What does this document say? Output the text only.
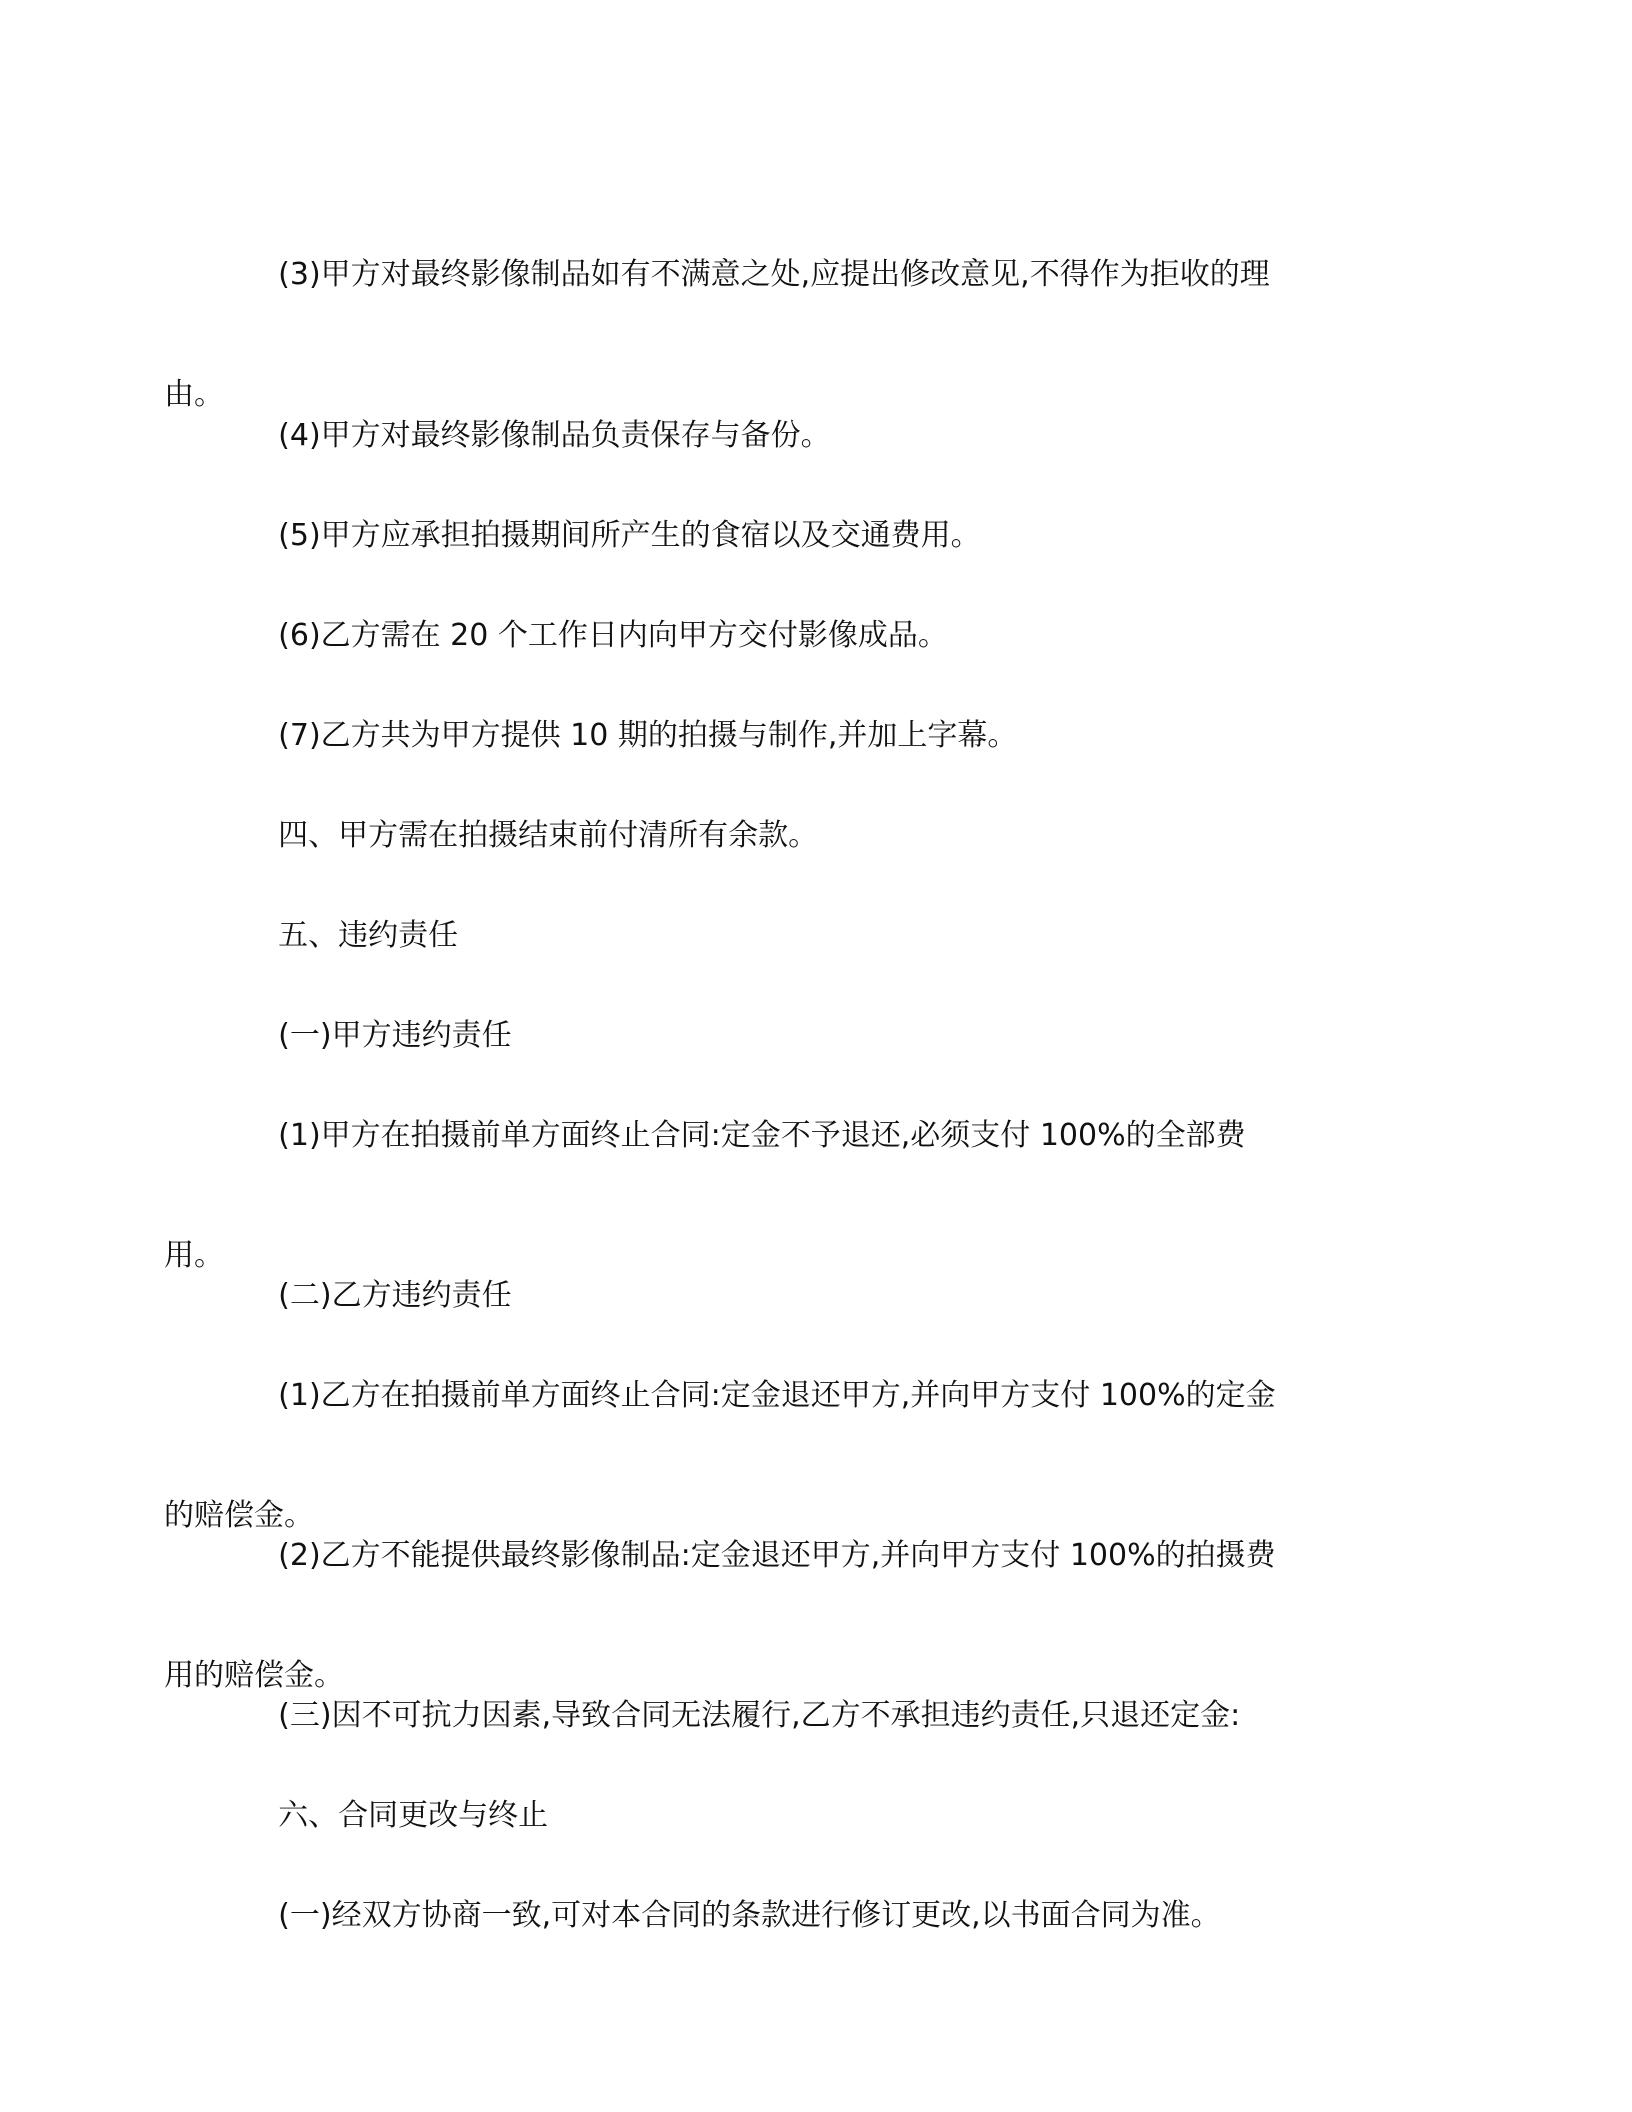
(3)甲方对最终影像制品如有不满意之处,应提出修改意见,不得作为拒收的理

由。

(4)甲方对最终影像制品负责保存与备份。

(5)甲方应承担拍摄期间所产生的食宿以及交通费用。

(6)乙方需在 20 个工作日内向甲方交付影像成品。

(7)乙方共为甲方提供 10 期的拍摄与制作,并加上字幕。

四、甲方需在拍摄结束前付清所有余款。

五、违约责任

(一)甲方违约责任

(1)甲方在拍摄前单方面终止合同:定金不予退还,必须支付 100%的全部费

用。

(二)乙方违约责任

(1)乙方在拍摄前单方面终止合同:定金退还甲方,并向甲方支付 100%的定金

的赔偿金。

(2)乙方不能提供最终影像制品:定金退还甲方,并向甲方支付 100%的拍摄费

用的赔偿金。

(三)因不可抗力因素,导致合同无法履行,乙方不承担违约责任,只退还定金:

六、合同更改与终止

(一)经双方协商一致,可对本合同的条款进行修订更改,以书面合同为准。
